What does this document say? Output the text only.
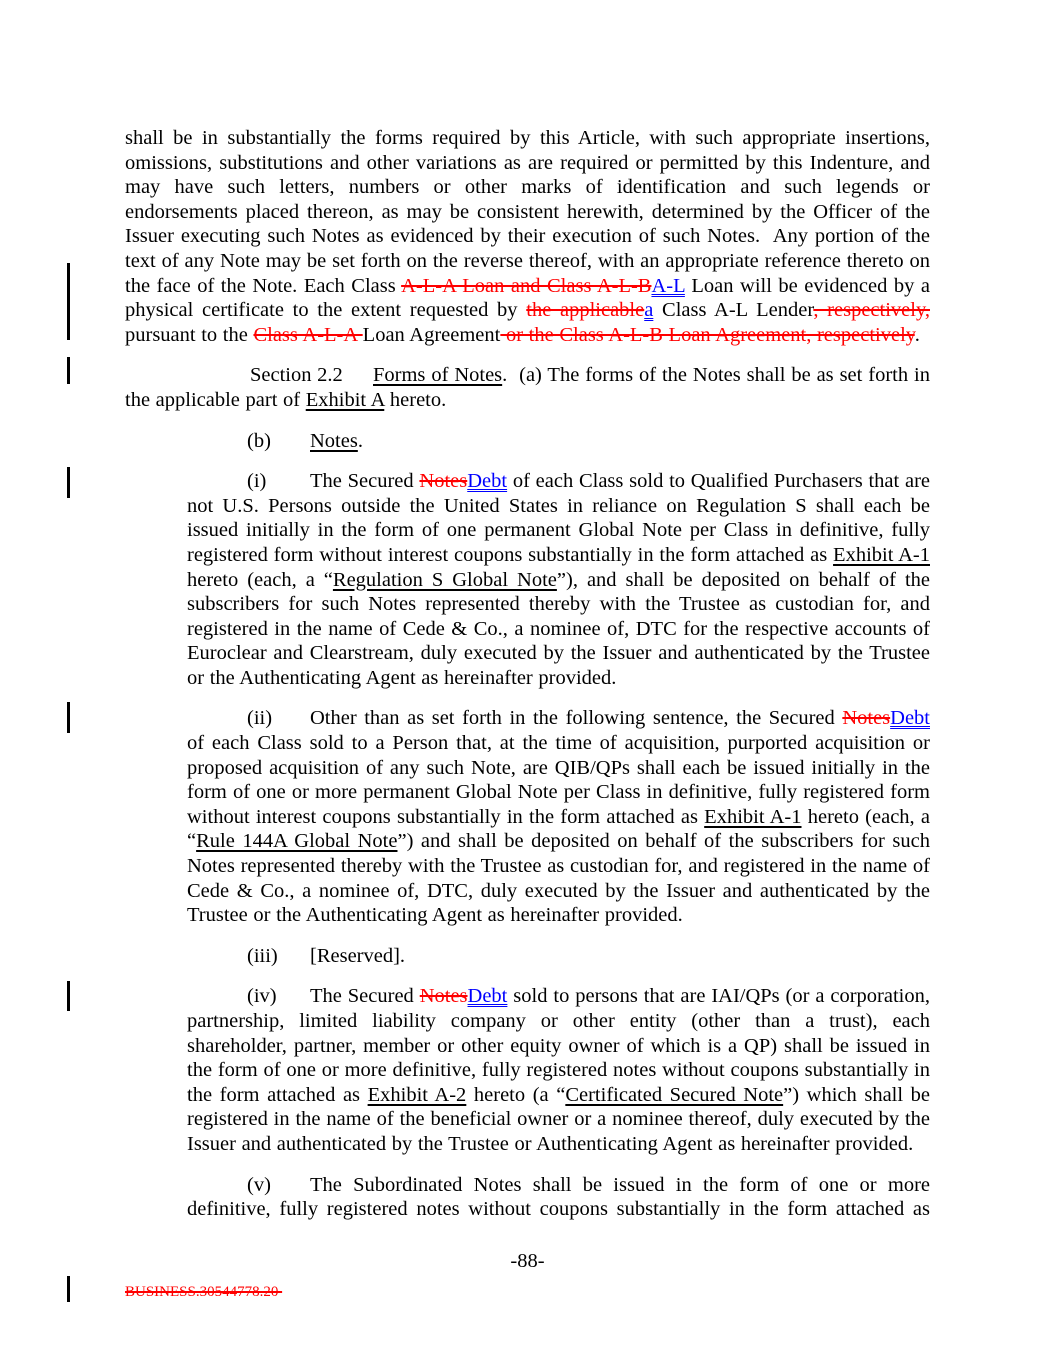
shall be in substantially the forms required by this Article, with such appropriate insertions, omissions, substitutions and other variations as are required or permitted by this Indenture, and may have such letters, numbers or other marks of identification and such legends or endorsements placed thereon, as may be consistent herewith, determined by the Officer of the Issuer executing such Notes as evidenced by their execution of such Notes.  Any portion of the text of any Note may be set forth on the reverse thereof, with an appropriate reference thereto on the face of the Note. Each Class A-L-A Loan and Class A-L-BA-L Loan will be evidenced by a physical certificate to the extent requested by the applicablea Class A-L Lender, respectively, pursuant to the Class A-L-A Loan Agreement or the Class A-L-B Loan Agreement, respectively.
Section 2.2 Forms of Notes.  (a) The forms of the Notes shall be as set forth in the applicable part of Exhibit A hereto.
(b) Notes.
(i) The Secured NotesDebt of each Class sold to Qualified Purchasers that are not U.S. Persons outside the United States in reliance on Regulation S shall each be issued initially in the form of one permanent Global Note per Class in definitive, fully registered form without interest coupons substantially in the form attached as Exhibit A-1 hereto (each, a “Regulation S Global Note”), and shall be deposited on behalf of the subscribers for such Notes represented thereby with the Trustee as custodian for, and registered in the name of Cede & Co., a nominee of, DTC for the respective accounts of Euroclear and Clearstream, duly executed by the Issuer and authenticated by the Trustee or the Authenticating Agent as hereinafter provided.
(ii) Other than as set forth in the following sentence, the Secured NotesDebt of each Class sold to a Person that, at the time of acquisition, purported acquisition or proposed acquisition of any such Note, are QIB/QPs shall each be issued initially in the form of one or more permanent Global Note per Class in definitive, fully registered form without interest coupons substantially in the form attached as Exhibit A-1 hereto (each, a “Rule 144A Global Note”) and shall be deposited on behalf of the subscribers for such Notes represented thereby with the Trustee as custodian for, and registered in the name of Cede & Co., a nominee of, DTC, duly executed by the Issuer and authenticated by the Trustee or the Authenticating Agent as hereinafter provided.
(iii) [Reserved].
(iv) The Secured NotesDebt sold to persons that are IAI/QPs (or a corporation, partnership, limited liability company or other entity (other than a trust), each shareholder, partner, member or other equity owner of which is a QP) shall be issued in the form of one or more definitive, fully registered notes without coupons substantially in the form attached as Exhibit A-2 hereto (a “Certificated Secured Note”) which shall be registered in the name of the beneficial owner or a nominee thereof, duly executed by the Issuer and authenticated by the Trustee or Authenticating Agent as hereinafter provided.
(v) The Subordinated Notes shall be issued in the form of one or more definitive, fully registered notes without coupons substantially in the form attached as
-88-
BUSINESS.30544778.20
